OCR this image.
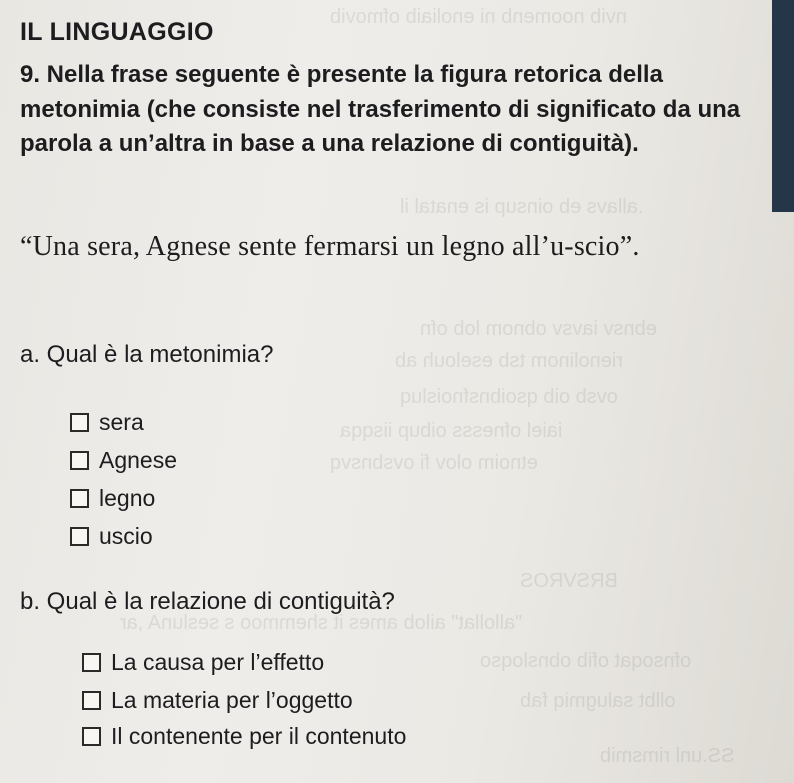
nvib noomenb ni enoliaib ofmovib
.allavs eb oinsup is enatal il
ebnsv iavsv obnom lob ofn
rienolinom tsb eselouh ab
ovsb oib qsoibnsfnoisluq
iaiel ofnesss oibup iisqqa
etnoim olov fi ovsbnsvq
BRSVROS
"allollat" ailob ames it shemmoo s seslunA ,ar
ofnsoqat ofib obnsloqso
ollbt salugmiq fab
SS.unl rimsmib
IL LINGUAGGIO

9. Nella frase seguente è presente la figura retorica della metonimia (che consiste nel trasferimento di significato da una parola a un’altra in base a una relazione di contiguità).

“Una sera, Agnese sente fermarsi un legno all’u-scio”.

a. Qual è la metonimia?

sera
Agnese
legno
uscio

b. Qual è la relazione di contiguità?

La causa per l’effetto
La materia per l’oggetto
Il contenente per il contenuto
